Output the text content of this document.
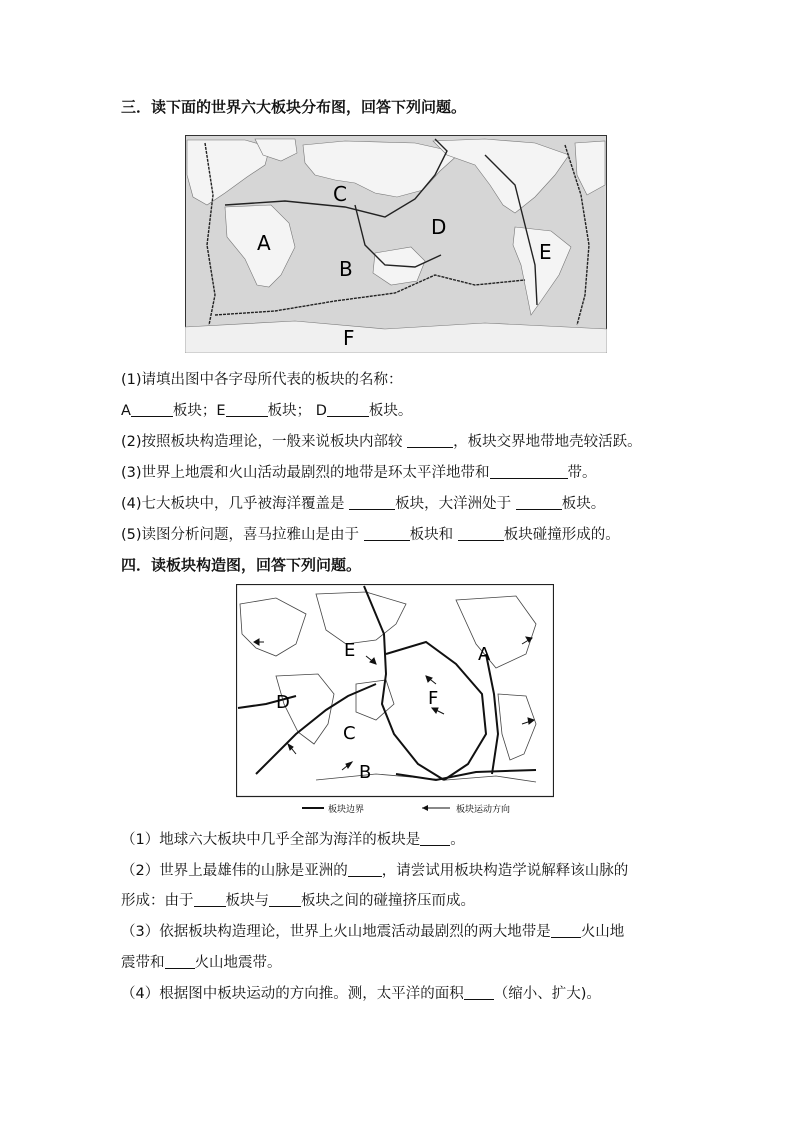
三．读下面的世界六大板块分布图，回答下列问题。
A
B
C
D
E
F
(1)请填出图中各字母所代表的板块的名称：
A	板块；E	板块； D	板块。
(2)按照板块构造理论，一般来说板块内部较	，板块交界地带地壳较活跃。
(3)世界上地震和火山活动最剧烈的地带是环太平洋地带和	带。
(4)七大板块中，几乎被海洋覆盖是	板块，大洋洲处于	板块。
(5)读图分析问题，喜马拉雅山是由于	板块和	板块碰撞形成的。
四．读板块构造图，回答下列问题。
A
B
C
D
E
F
板块边界	板块运动方向
（1）地球六大板块中几乎全部为海洋的板块是 。
（2）世界上最雄伟的山脉是亚洲的 ，请尝试用板块构造学说解释该山脉的
形成：由于 板块与 板块之间的碰撞挤压而成。
（3）依据板块构造理论，世界上火山地震活动最剧烈的两大地带是 火山地
震带和 火山地震带。
（4）根据图中板块运动的方向推。测，太平洋的面积 （缩小、扩大)。
